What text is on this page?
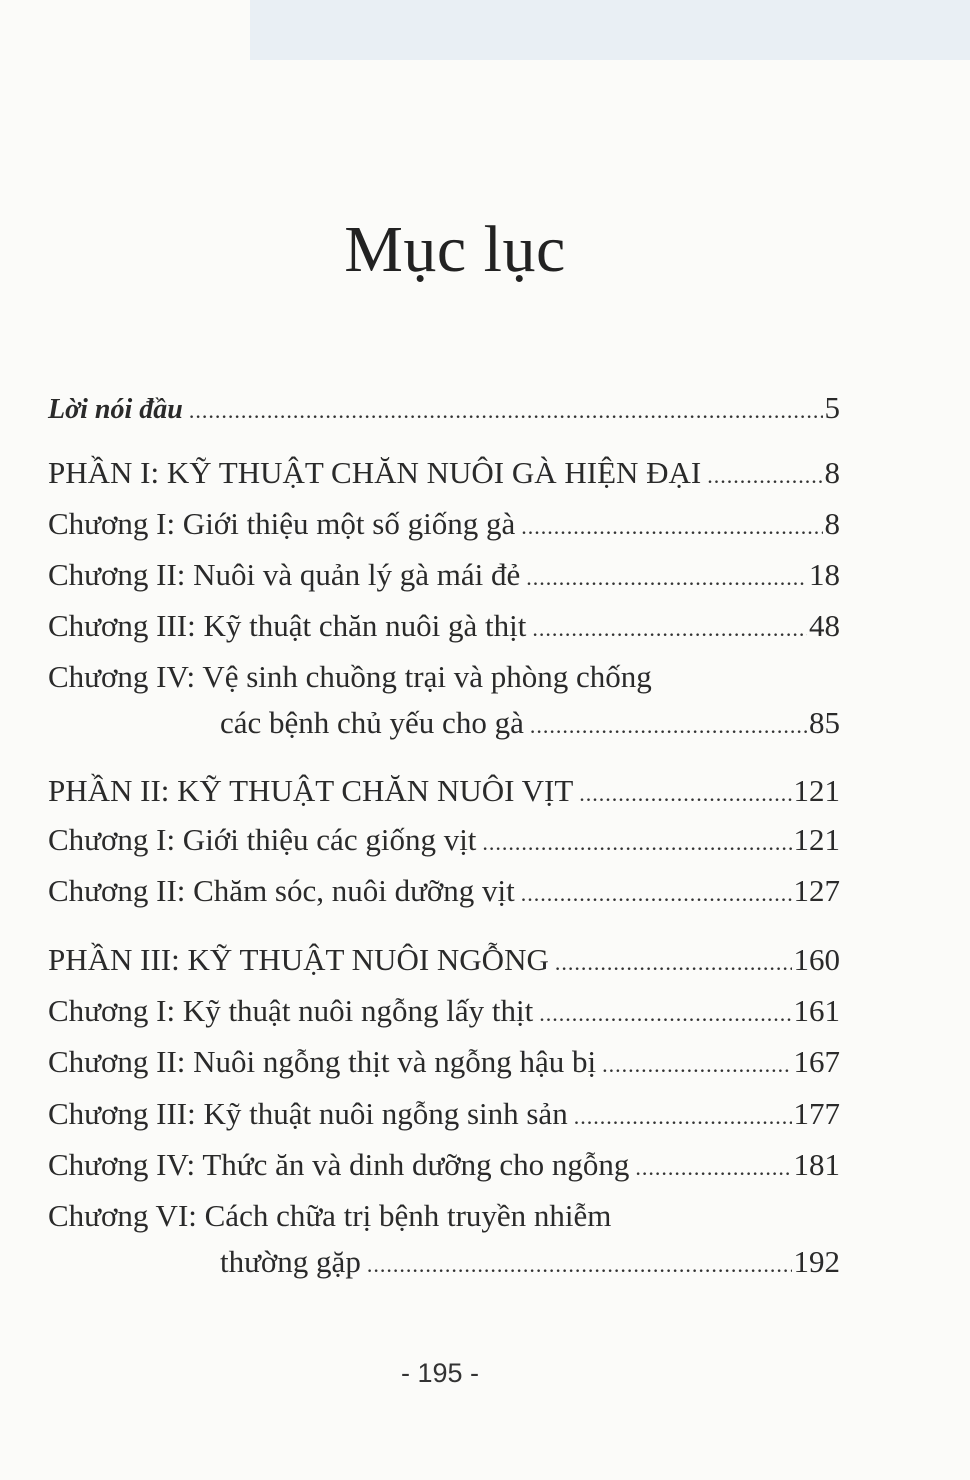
Mục lục
Lời nói đầu .....	5
PHẦN I: KỸ THUẬT CHĂN NUÔI GÀ HIỆN ĐẠI .....	8
Chương I: Giới thiệu một số giống gà .....	8
Chương II: Nuôi và quản lý gà mái đẻ .....	18
Chương III: Kỹ thuật chăn nuôi gà thịt .....	48
Chương IV: Vệ sinh chuồng trại và phòng chống
các bệnh chủ yếu cho gà .....	85
PHẦN II: KỸ THUẬT CHĂN NUÔI VỊT .....	121
Chương I: Giới thiệu các giống vịt .....	121
Chương II: Chăm sóc, nuôi dưỡng vịt .....	127
PHẦN III: KỸ THUẬT NUÔI NGỖNG .....	160
Chương I: Kỹ thuật nuôi ngỗng lấy thịt .....	161
Chương II: Nuôi ngỗng thịt và ngỗng hậu bị .....	167
Chương III: Kỹ thuật nuôi ngỗng sinh sản .....	177
Chương IV: Thức ăn và dinh dưỡng cho ngỗng .....	181
Chương VI: Cách chữa trị bệnh truyền nhiễm
thường gặp .....	192
- 195 -
